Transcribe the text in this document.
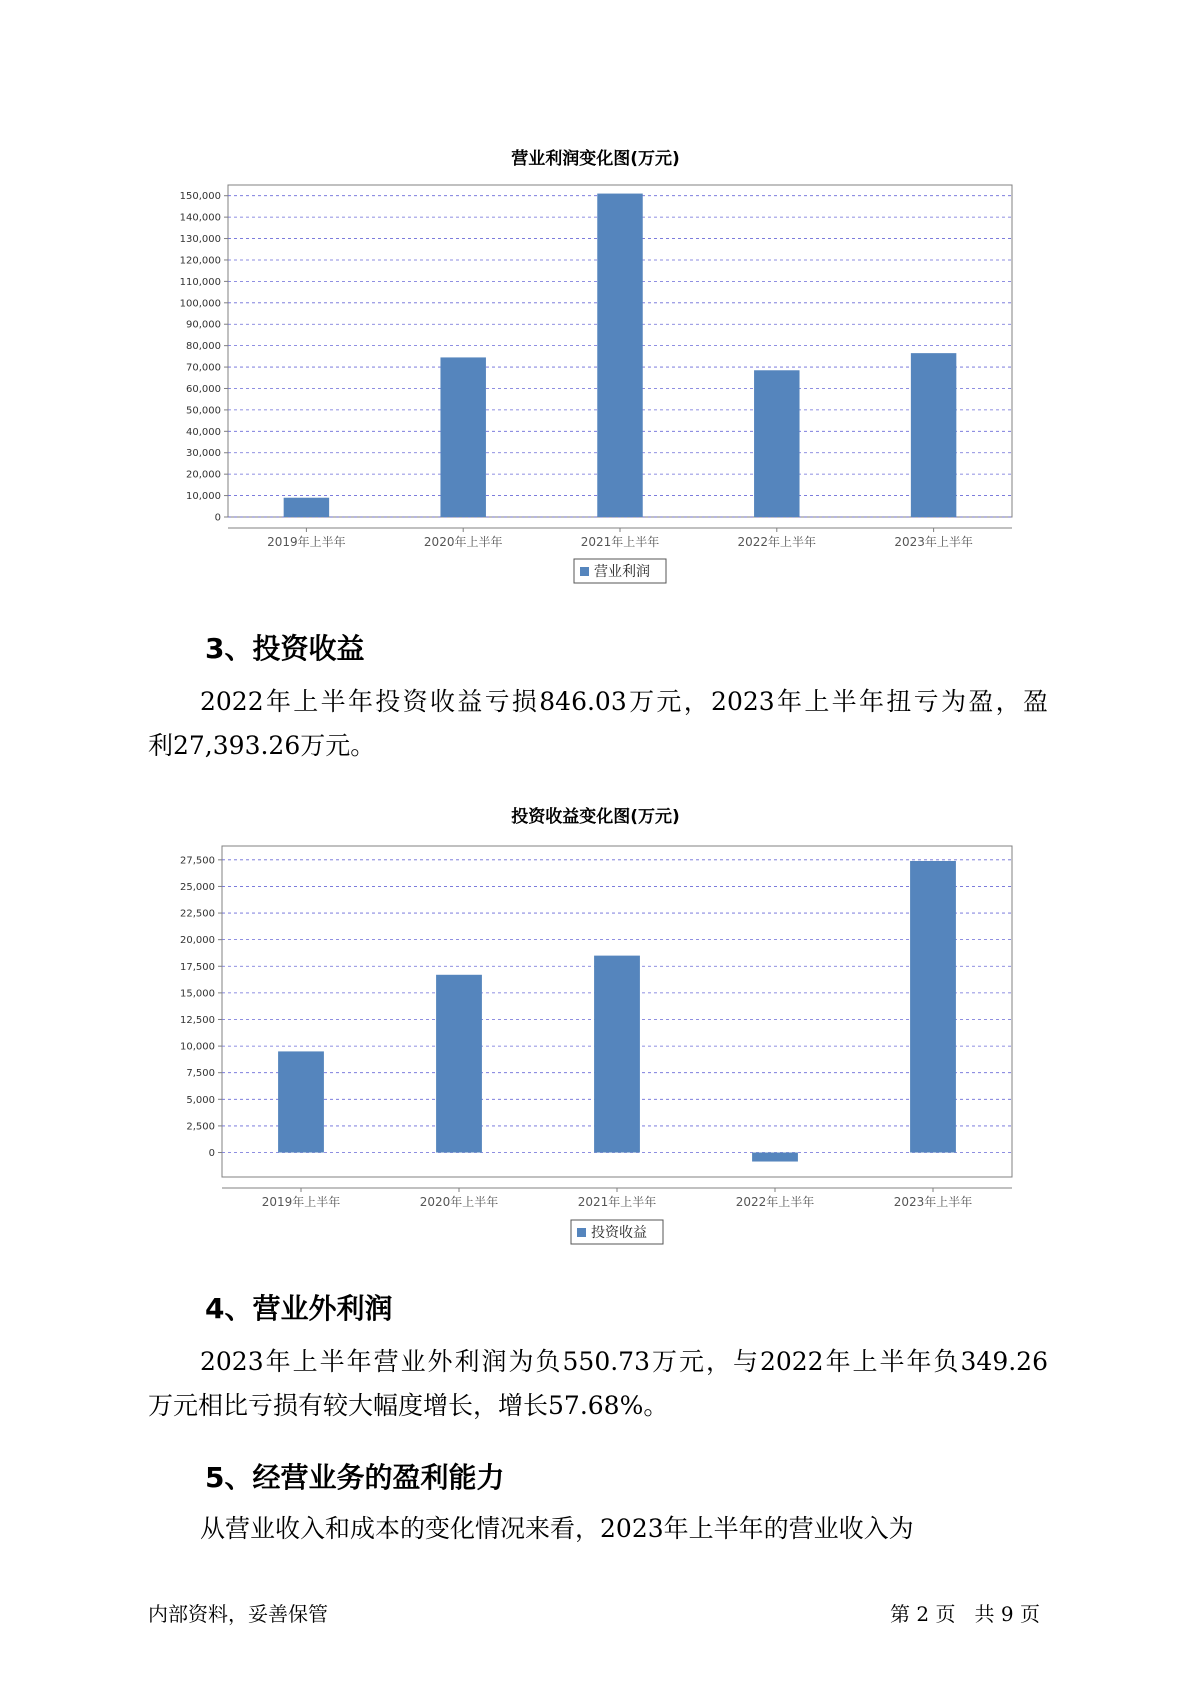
营业利润变化图(万元)
0
10,000
20,000
30,000
40,000
50,000
60,000
70,000
80,000
90,000
100,000
110,000
120,000
130,000
140,000
150,000
2019年上半年	2020年上半年	2021年上半年	2022年上半年	2023年上半年
营业利润
3、投资收益
2022年上半年投资收益亏损846.03万元，2023年上半年扭亏为盈，盈
利27,393.26万元。
投资收益变化图(万元)
0
2,500
5,000
7,500
10,000
12,500
15,000
17,500
20,000
22,500
25,000
27,500
2019年上半年	2020年上半年	2021年上半年	2022年上半年	2023年上半年
投资收益
4、营业外利润
2023年上半年营业外利润为负550.73万元，与2022年上半年负349.26
万元相比亏损有较大幅度增长，增长57.68%。
5、经营业务的盈利能力
从营业收入和成本的变化情况来看，2023年上半年的营业收入为
内部资料，妥善保管	第 2 页   共 9 页
